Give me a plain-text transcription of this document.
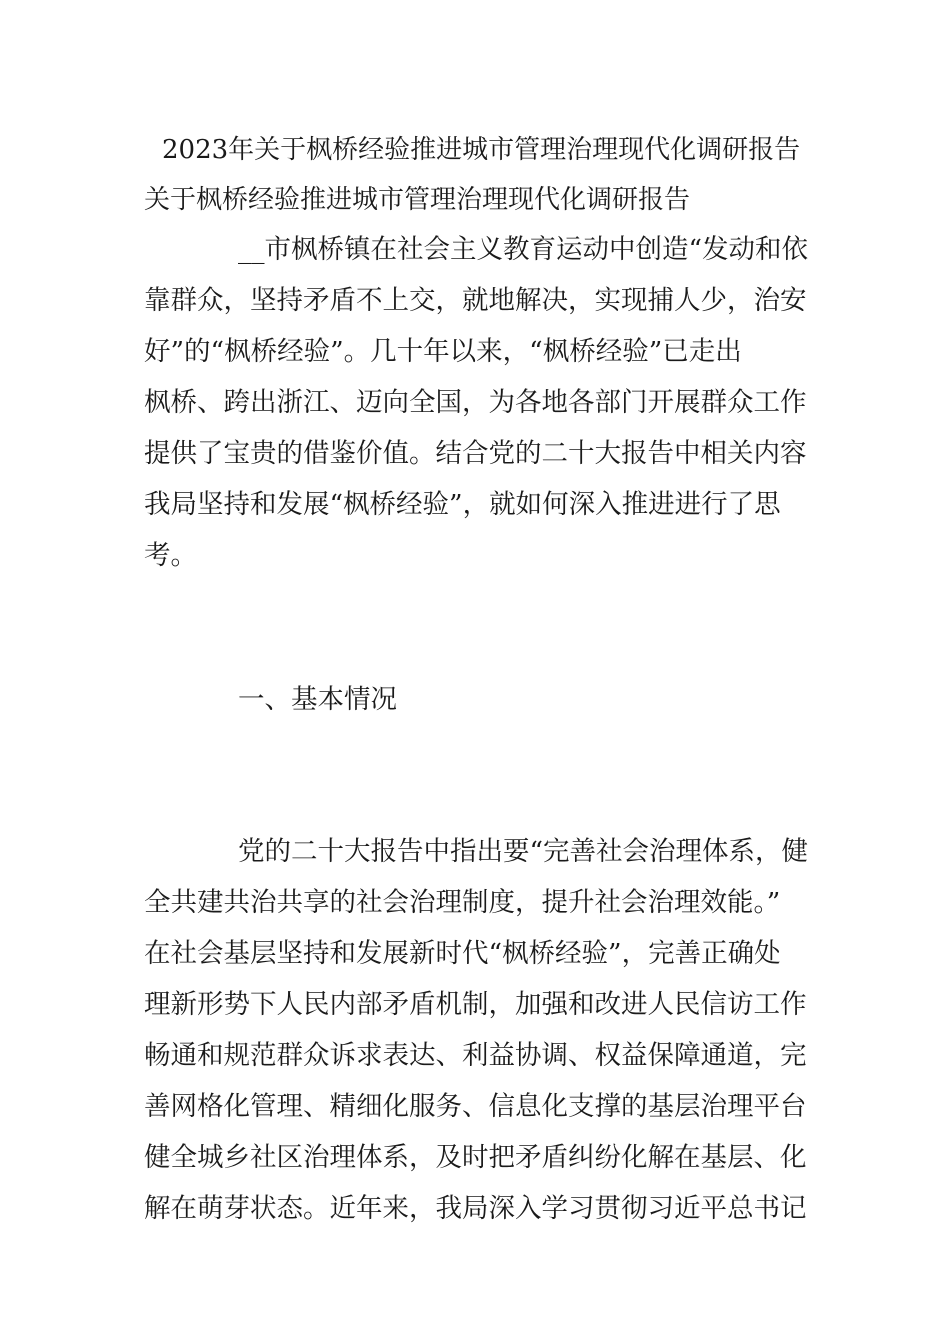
2023年关于枫桥经验推进城市管理治理现代化调研报告
关于枫桥经验推进城市管理治理现代化调研报告
__市枫桥镇在社会主义教育运动中创造“发动和依
靠群众，坚持矛盾不上交，就地解决，实现捕人少，治安
好”的“枫桥经验”。几十年以来，“枫桥经验”已走出
枫桥、跨出浙江、迈向全国，为各地各部门开展群众工作
提供了宝贵的借鉴价值。结合党的二十大报告中相关内容
我局坚持和发展“枫桥经验”，就如何深入推进进行了思
考。
一、基本情况
党的二十大报告中指出要“完善社会治理体系，健
全共建共治共享的社会治理制度，提升社会治理效能。”
在社会基层坚持和发展新时代“枫桥经验”，完善正确处
理新形势下人民内部矛盾机制，加强和改进人民信访工作
畅通和规范群众诉求表达、利益协调、权益保障通道，完
善网格化管理、精细化服务、信息化支撑的基层治理平台
健全城乡社区治理体系，及时把矛盾纠纷化解在基层、化
解在萌芽状态。近年来，我局深入学习贯彻习近平总书记
